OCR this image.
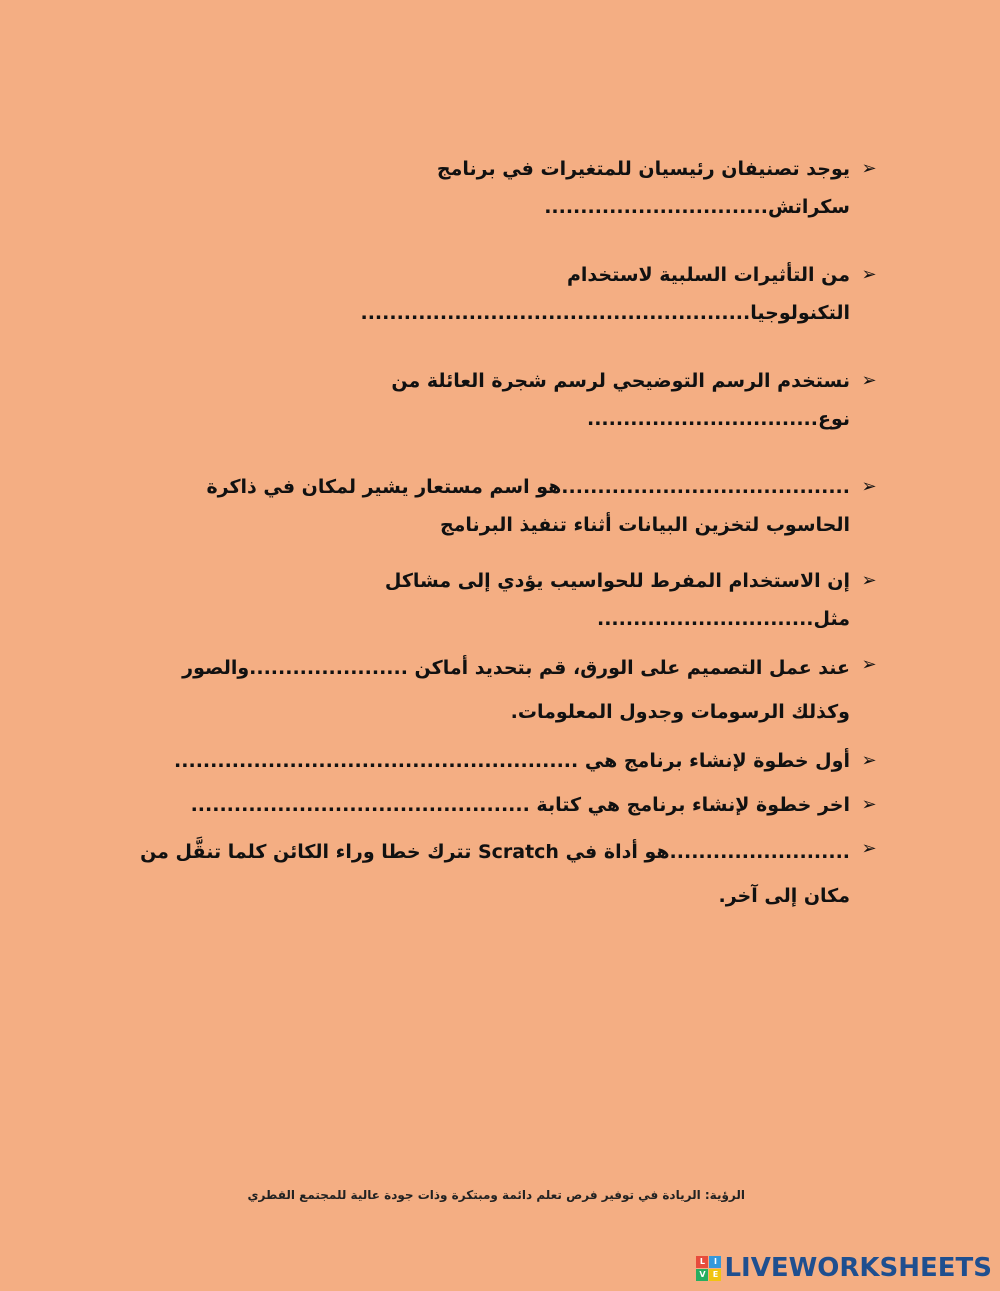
➢
يوجد تصنيفان رئيسيان للمتغيرات في برنامج سكراتش...............................
➢
من التأثيرات السلبية لاستخدام التكنولوجيا......................................................
➢
نستخدم الرسم التوضيحي لرسم شجرة العائلة من نوع................................
➢
........................................هو اسم مستعار يشير لمكان في ذاكرة الحاسوب لتخزين البيانات أثناء تنفيذ البرنامج
➢
إن الاستخدام المفرط للحواسيب يؤدي إلى مشاكل مثل..............................
➢
عند عمل التصميم على الورق، قم بتحديد أماكن ......................والصور وكذلك الرسومات وجدول المعلومات.
➢
أول خطوة لإنشاء برنامج هي ........................................................
➢
اخر خطوة لإنشاء برنامج هي كتابة ...............................................
➢
.........................هو أداة في Scratch تترك خطا وراء الكائن كلما تنقَّل من مكان إلى آخر.
الرؤية: الريادة في توفير فرص تعلم دائمة ومبتكرة وذات جودة عالية للمجتمع القطري
L	I
V E LIVEWORKSHEETS
